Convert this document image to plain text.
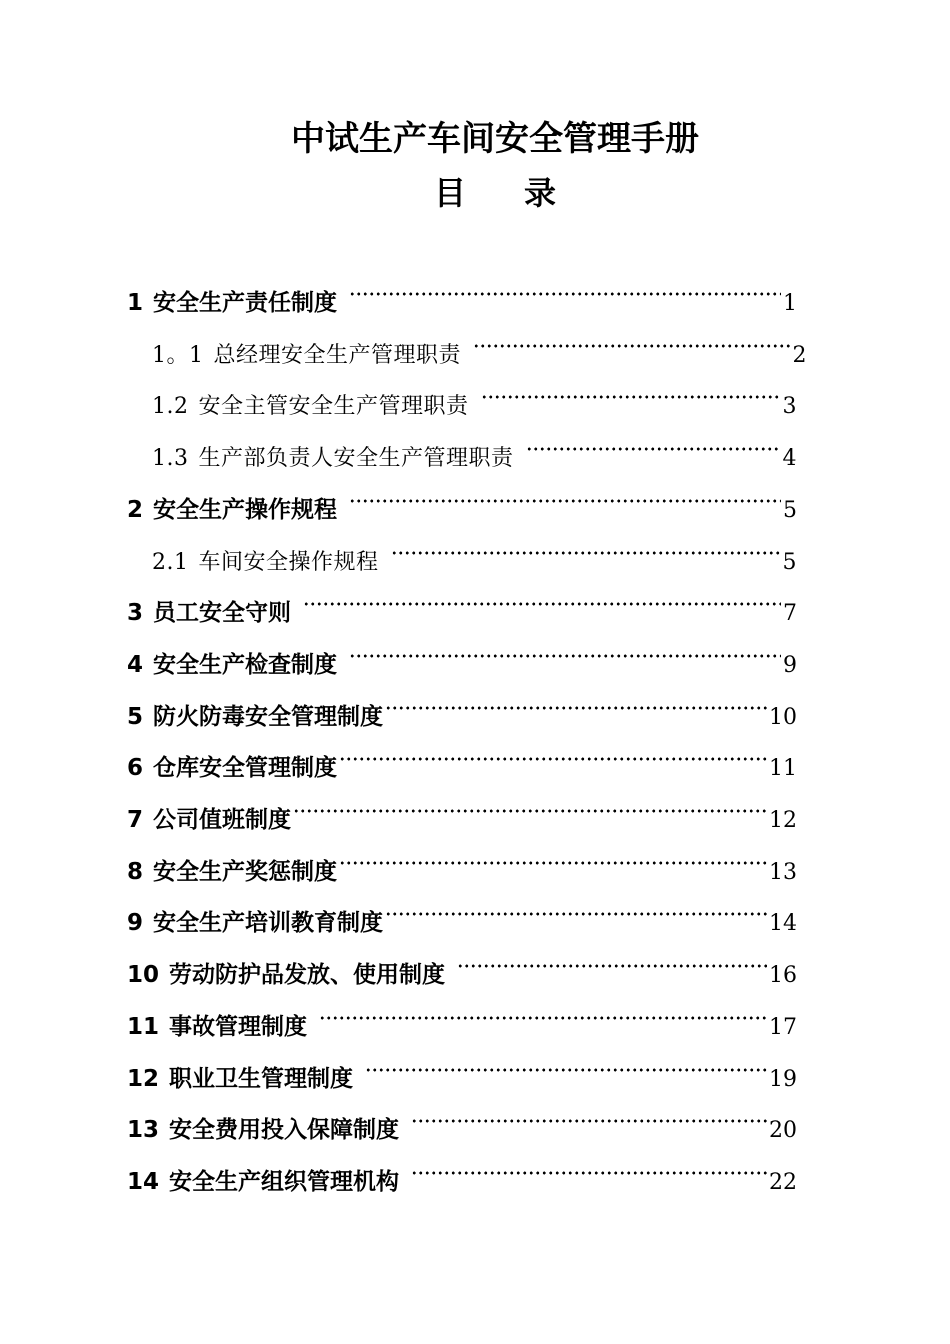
中试生产车间安全管理手册
目 录
1 安全生产责任制度	1
1。1 总经理安全生产管理职责	2
1.2 安全主管安全生产管理职责	3
1.3 生产部负责人安全生产管理职责	4
2 安全生产操作规程	5
2.1 车间安全操作规程	5
3 员工安全守则	7
4 安全生产检查制度	9
5 防火防毒安全管理制度	10
6 仓库安全管理制度	11
7 公司值班制度	12
8 安全生产奖惩制度	13
9 安全生产培训教育制度	14
10 劳动防护品发放、使用制度	16
11 事故管理制度	17
12 职业卫生管理制度	19
13 安全费用投入保障制度	20
14 安全生产组织管理机构	22
